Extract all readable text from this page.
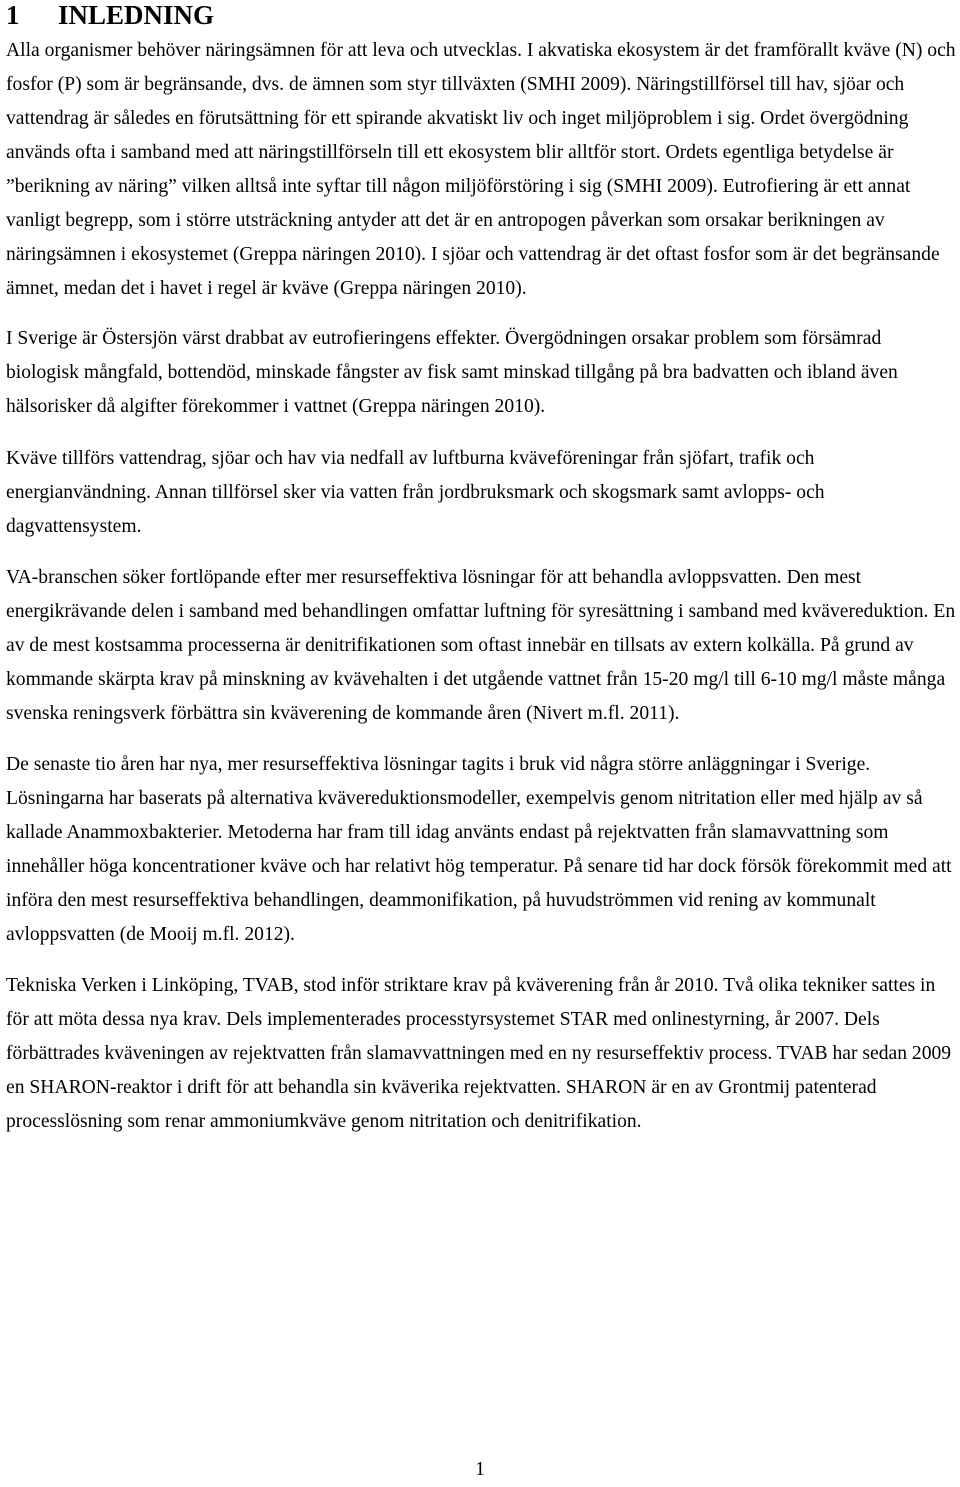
1 INLEDNING

Alla organismer behöver näringsämnen för att leva och utvecklas. I akvatiska ekosystem är det framförallt kväve (N) och fosfor (P) som är begränsande, dvs. de ämnen som styr tillväxten (SMHI 2009). Näringstillförsel till hav, sjöar och vattendrag är således en förutsättning för ett spirande akvatiskt liv och inget miljöproblem i sig. Ordet övergödning används ofta i samband med att näringstillförseln till ett ekosystem blir alltför stort. Ordets egentliga betydelse är ”berikning av näring” vilken alltså inte syftar till någon miljöförstöring i sig (SMHI 2009). Eutrofiering är ett annat vanligt begrepp, som i större utsträckning antyder att det är en antropogen påverkan som orsakar berikningen av näringsämnen i ekosystemet (Greppa näringen 2010). I sjöar och vattendrag är det oftast fosfor som är det begränsande ämnet, medan det i havet i regel är kväve (Greppa näringen 2010).

I Sverige är Östersjön värst drabbat av eutrofieringens effekter. Övergödningen orsakar problem som försämrad biologisk mångfald, bottendöd, minskade fångster av fisk samt minskad tillgång på bra badvatten och ibland även hälsorisker då algifter förekommer i vattnet (Greppa näringen 2010).

Kväve tillförs vattendrag, sjöar och hav via nedfall av luftburna kväveföreningar från sjöfart, trafik och energianvändning. Annan tillförsel sker via vatten från jordbruksmark och skogsmark samt avlopps- och dagvattensystem.

VA-branschen söker fortlöpande efter mer resurseffektiva lösningar för att behandla avloppsvatten. Den mest energikrävande delen i samband med behandlingen omfattar luftning för syresättning i samband med kvävereduktion. En av de mest kostsamma processerna är denitrifikationen som oftast innebär en tillsats av extern kolkälla. På grund av kommande skärpta krav på minskning av kvävehalten i det utgående vattnet från 15-20 mg/l till 6-10 mg/l måste många svenska reningsverk förbättra sin kväverening de kommande åren (Nivert m.fl. 2011).

De senaste tio åren har nya, mer resurseffektiva lösningar tagits i bruk vid några större anläggningar i Sverige. Lösningarna har baserats på alternativa kvävereduktionsmodeller, exempelvis genom nitritation eller med hjälp av så kallade Anammoxbakterier. Metoderna har fram till idag använts endast på rejektvatten från slamavvattning som innehåller höga koncentrationer kväve och har relativt hög temperatur. På senare tid har dock försök förekommit med att införa den mest resurseffektiva behandlingen, deammonifikation, på huvudströmmen vid rening av kommunalt avloppsvatten (de Mooij m.fl. 2012).

Tekniska Verken i Linköping, TVAB, stod inför striktare krav på kväverening från år 2010. Två olika tekniker sattes in för att möta dessa nya krav. Dels implementerades processtyrsystemet STAR med onlinestyrning, år 2007. Dels förbättrades kväveningen av rejektvatten från slamavvattningen med en ny resurseffektiv process. TVAB har sedan 2009 en SHARON-reaktor i drift för att behandla sin kväverika rejektvatten. SHARON är en av Grontmij patenterad processlösning som renar ammoniumkväve genom nitritation och denitrifikation.

1
